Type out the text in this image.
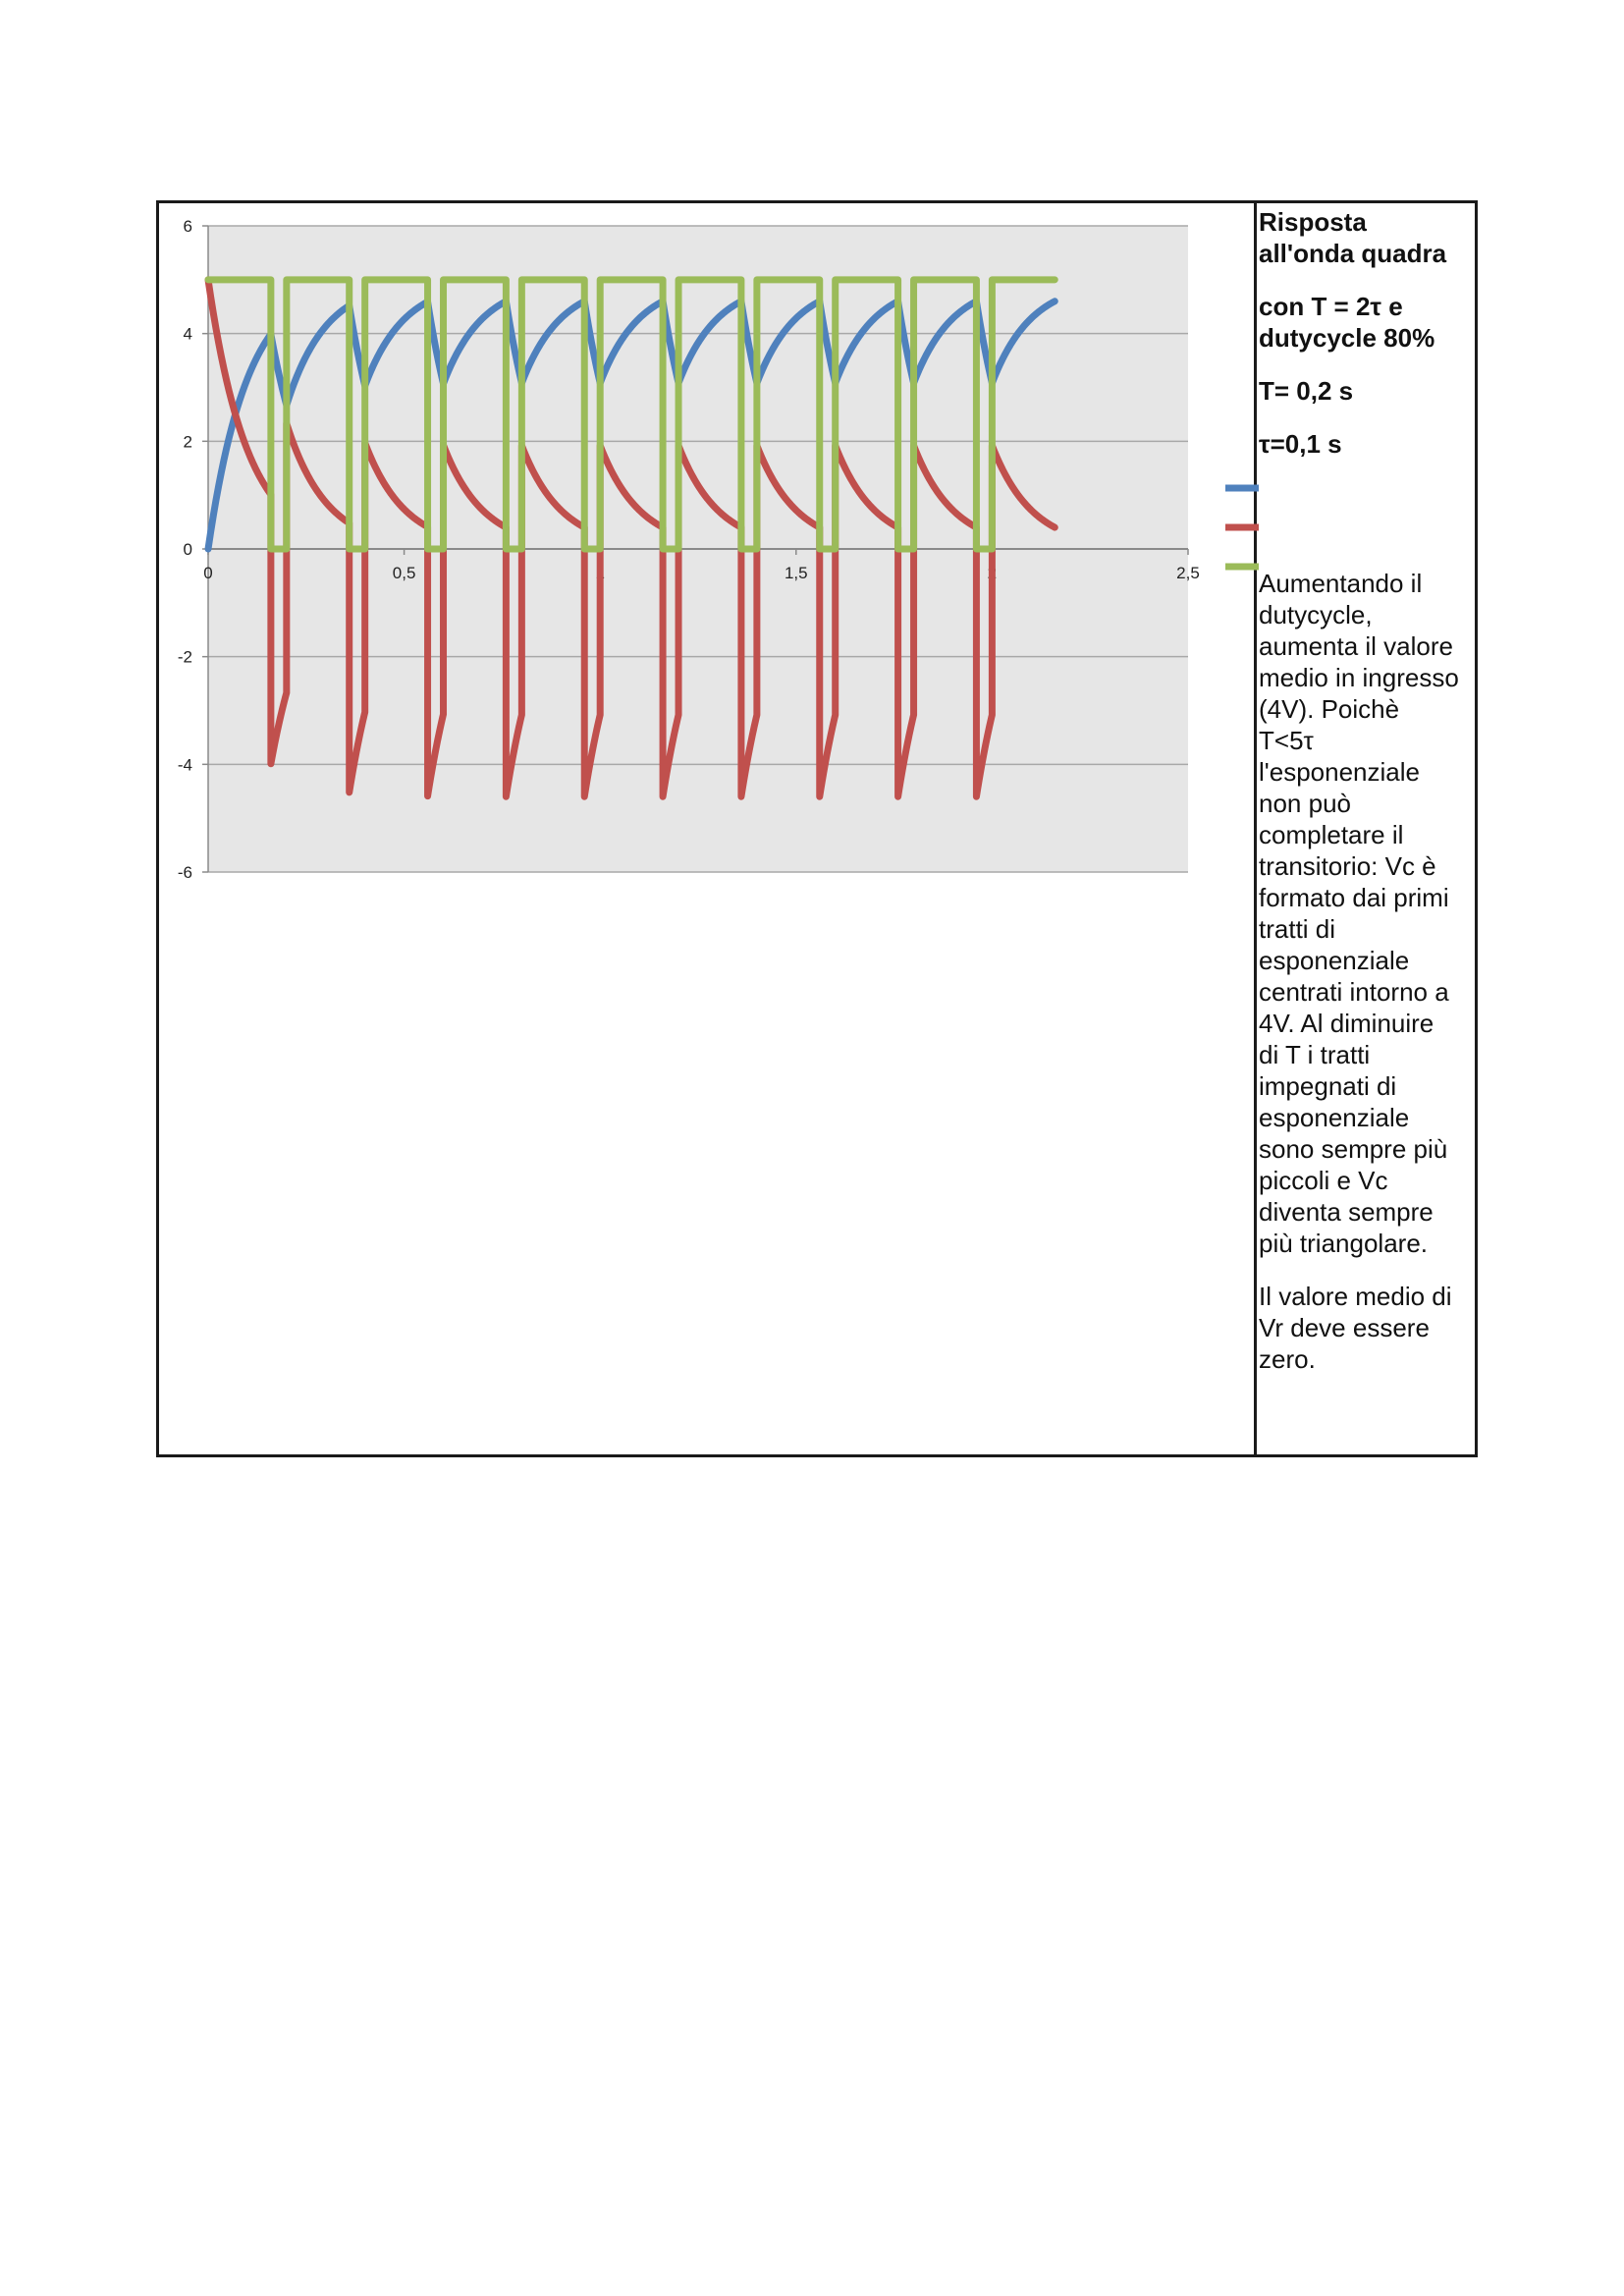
6
4
2
0
-2
-4
-6
0	0,5	1	1,5	2	2,5

Risposta

all'onda quadra

con T = 2τ e

dutycycle 80%

T= 0,2 s

τ=0,1 s

Aumentando il

dutycycle,

aumenta il valore

medio in ingresso

(4V). Poichè

T<5τ

l'esponenziale

non può

completare il

transitorio: Vc è

formato dai primi

tratti di

esponenziale

centrati intorno a

4V. Al diminuire

di T i tratti

impegnati di

esponenziale

sono sempre più

piccoli e Vc

diventa sempre

più triangolare.

Il valore medio di

Vr deve essere

zero.
